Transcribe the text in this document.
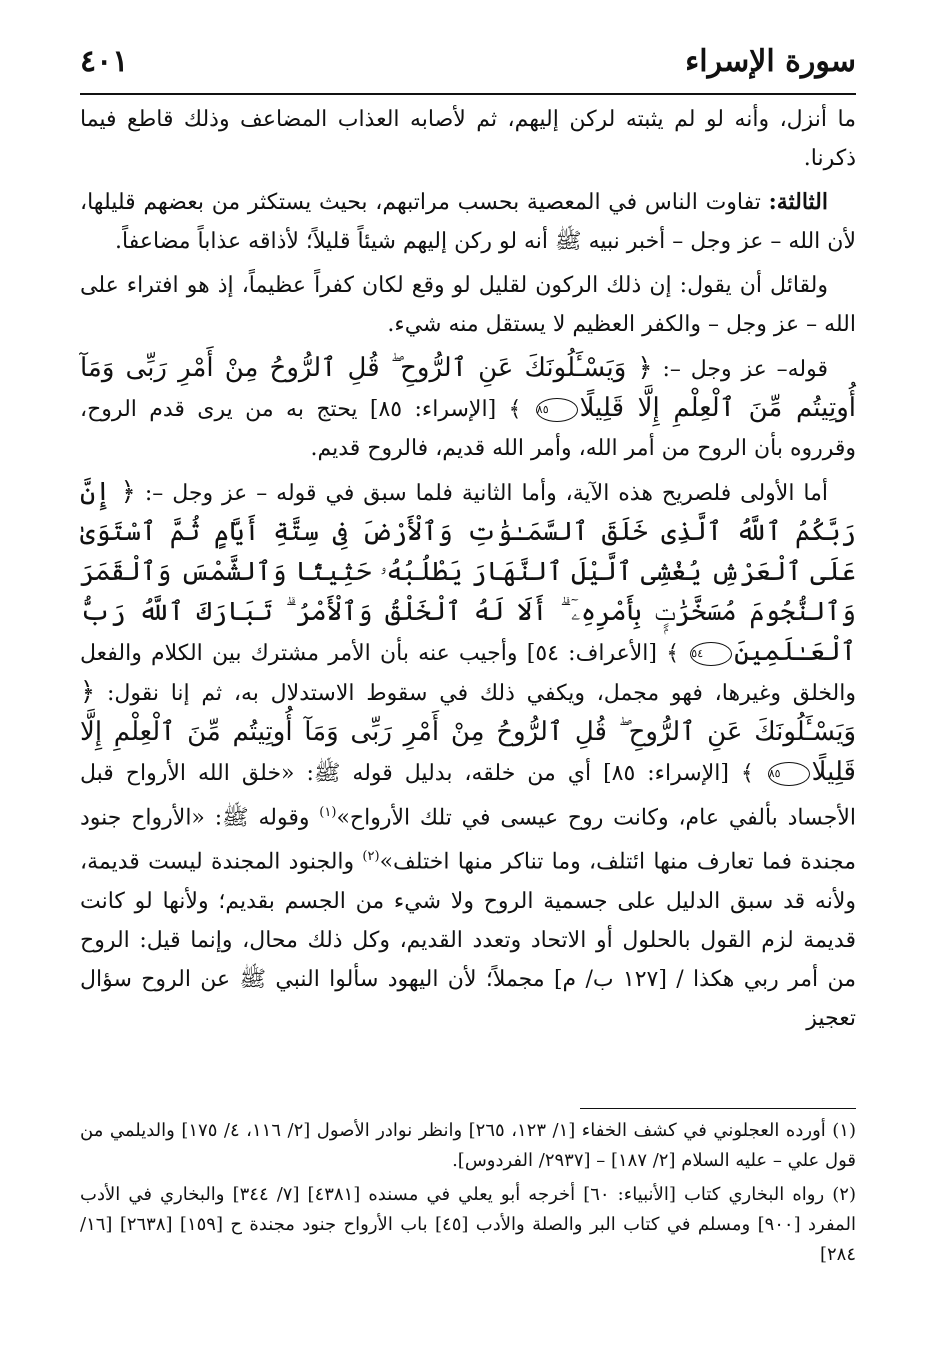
سورة الإسراء
٤٠١

ما أنزل، وأنه لو لم يثبته لركن إليهم، ثم لأصابه العذاب المضاعف وذلك قاطع فيما ذكرنا.

الثالثة: تفاوت الناس في المعصية بحسب مراتبهم، بحيث يستكثر من بعضهم قليلها، لأن الله – عز وجل – أخبر نبيه ﷺ أنه لو ركن إليهم شيئاً قليلاً؛ لأذاقه عذاباً مضاعفاً.

ولقائل أن يقول: إن ذلك الركون لقليل لو وقع لكان كفراً عظيماً، إذ هو افتراء على الله – عز وجل – والكفر العظيم لا يستقل منه شيء.

قوله– عز وجل –: ﴿ وَيَسْـَٔلُونَكَ عَنِ ٱلرُّوحِ ۖ قُلِ ٱلرُّوحُ مِنْ أَمْرِ رَبِّى وَمَآ أُوتِيتُم مِّنَ ٱلْعِلْمِ إِلَّا قَلِيلًا٨٥ ﴾ [الإسراء: ٨٥] يحتج به من يرى قدم الروح، وقرروه بأن الروح من أمر الله، وأمر الله قديم، فالروح قديم.

أما الأولى فلصريح هذه الآية، وأما الثانية فلما سبق في قوله – عز وجل –: ﴿ إِنَّ رَبَّكُمُ ٱللَّهُ ٱلَّذِى خَلَقَ ٱلسَّمَـٰوَٰتِ وَٱلْأَرْضَ فِى سِتَّةِ أَيَّامٍ ثُمَّ ٱسْتَوَىٰ عَلَى ٱلْعَرْشِ يُغْشِى ٱلَّيْلَ ٱلنَّهَارَ يَطْلُبُهُۥ حَثِيثًا وَٱلشَّمْسَ وَٱلْقَمَرَ وَٱلنُّجُومَ مُسَخَّرَٰتٍۭ بِأَمْرِهِۦٓ ۗ أَلَا لَهُ ٱلْخَلْقُ وَٱلْأَمْرُ ۗ تَبَارَكَ ٱللَّهُ رَبُّ ٱلْعَـٰلَمِينَ٥٤ ﴾ [الأعراف: ٥٤] وأجيب عنه بأن الأمر مشترك بين الكلام والفعل والخلق وغيرها، فهو مجمل، ويكفي ذلك في سقوط الاستدلال به، ثم إنا نقول: ﴿ وَيَسْـَٔلُونَكَ عَنِ ٱلرُّوحِ ۖ قُلِ ٱلرُّوحُ مِنْ أَمْرِ رَبِّى وَمَآ أُوتِيتُم مِّنَ ٱلْعِلْمِ إِلَّا قَلِيلًا٨٥ ﴾ [الإسراء: ٨٥] أي من خلقه، بدليل قوله ﷺ: «خلق الله الأرواح قبل الأجساد بألفي عام، وكانت روح عيسى في تلك الأرواح»$^{(١)}$ وقوله ﷺ: «الأرواح جنود مجندة فما تعارف منها ائتلف، وما تناكر منها اختلف»$^{(٢)}$ والجنود المجندة ليست قديمة، ولأنه قد سبق الدليل على جسمية الروح ولا شيء من الجسم بقديم؛ ولأنها لو كانت قديمة لزم القول بالحلول أو الاتحاد وتعدد القديم، وكل ذلك محال، وإنما قيل: الروح من أمر ربي هكذا / [١٢٧ ب/ م] مجملاً؛ لأن اليهود سألوا النبي ﷺ عن الروح سؤال تعجيز

(١) أورده العجلوني في كشف الخفاء [١/ ١٢٣، ٢٦٥] وانظر نوادر الأصول [٢/ ١١٦، ٤/ ١٧٥] والديلمي من قول علي – عليه السلام [٢/ ١٨٧] – [٢٩٣٧/ الفردوس].

(٢) رواه البخاري كتاب [الأنبياء: ٦٠] أخرجه أبو يعلي في مسنده [٤٣٨١] [٧/ ٣٤٤] والبخاري في الأدب المفرد [٩٠٠] ومسلم في كتاب البر والصلة والأدب [٤٥] باب الأرواح جنود مجندة ح [١٥٩] [٢٦٣٨] [١٦/ ٢٨٤]
